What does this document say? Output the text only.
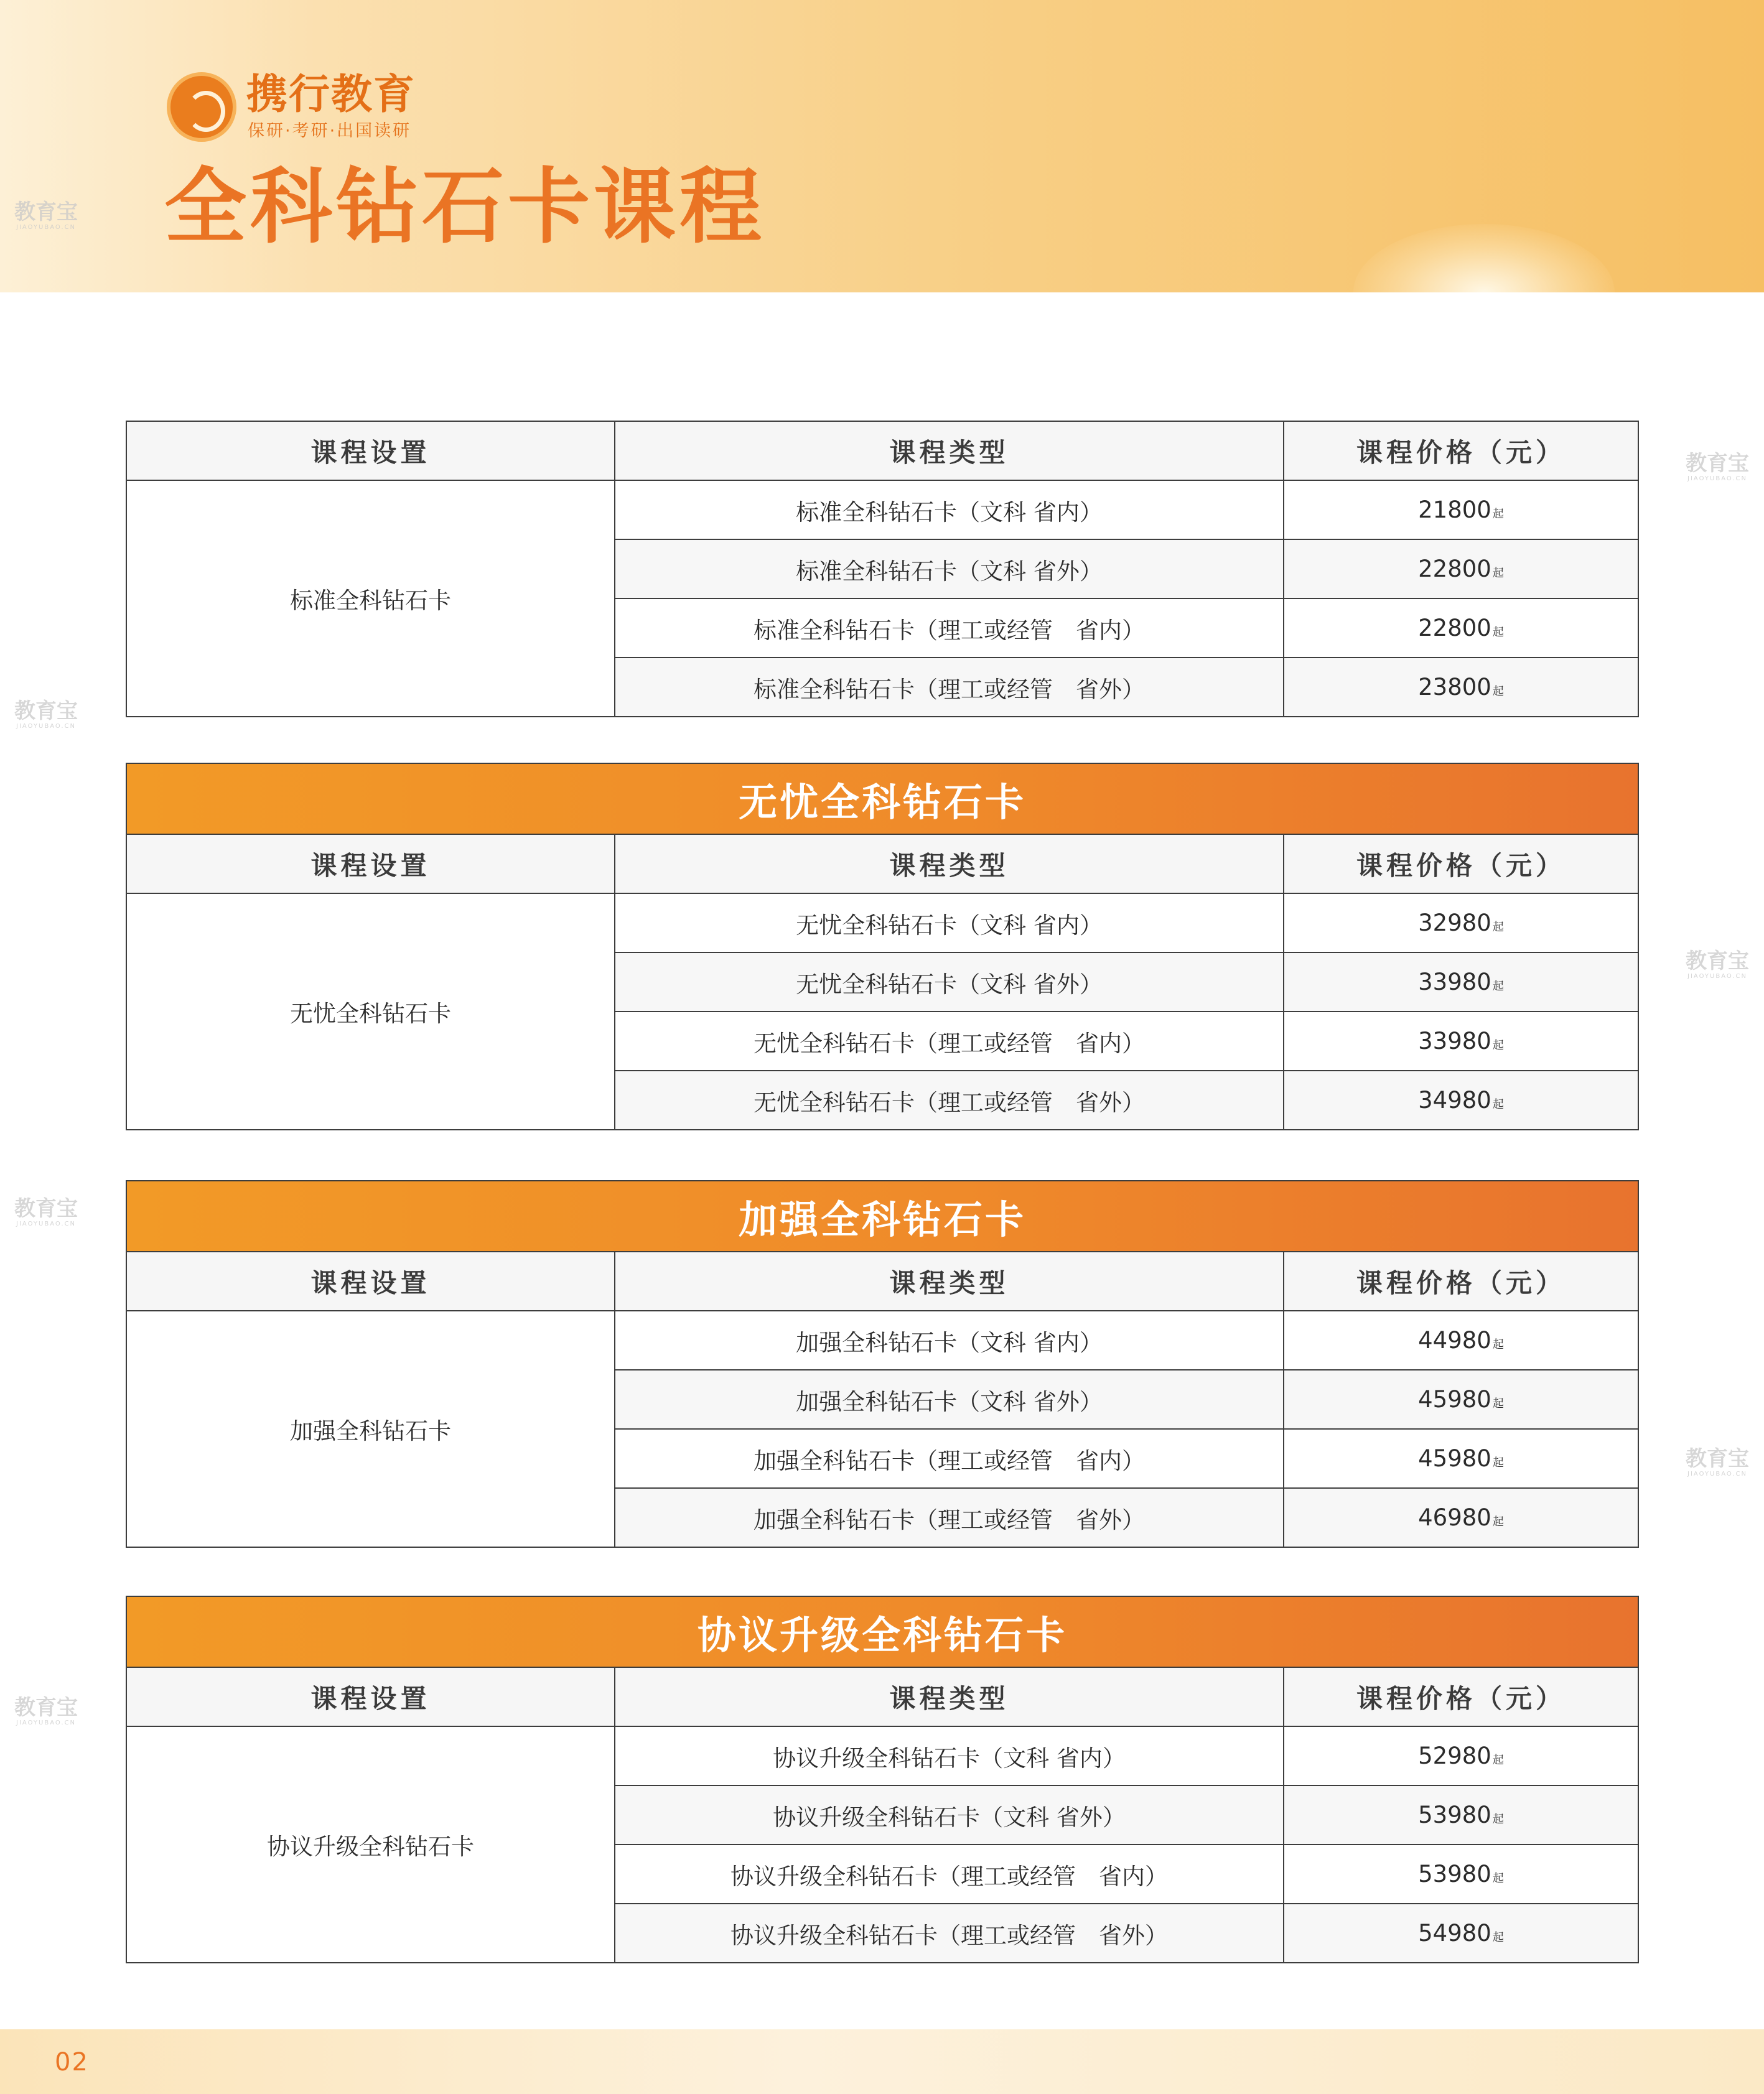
携行教育
保研·考研·出国读研
全科钻石卡课程
教育宝
JIAOYUBAO.CN
教育宝
JIAOYUBAO.CN
教育宝
JIAOYUBAO.CN
教育宝
JIAOYUBAO.CN
教育宝
JIAOYUBAO.CN
教育宝
JIAOYUBAO.CN
教育宝
JIAOYUBAO.CN
课程设置	课程类型	课程价格（元）
标准全科钻石卡	标准全科钻石卡（文科 省内）	21800 起
	标准全科钻石卡（文科 省外）	22800 起
	标准全科钻石卡（理工或经管　省内）	22800 起
	标准全科钻石卡（理工或经管　省外）	23800 起
无忧全科钻石卡		
课程设置	课程类型	课程价格（元）
无忧全科钻石卡	无忧全科钻石卡（文科 省内）	32980 起
	无忧全科钻石卡（文科 省外）	33980 起
	无忧全科钻石卡（理工或经管　省内）	33980 起
	无忧全科钻石卡（理工或经管　省外）	34980 起
加强全科钻石卡		
课程设置	课程类型	课程价格（元）
加强全科钻石卡	加强全科钻石卡（文科 省内）	44980 起
	加强全科钻石卡（文科 省外）	45980 起
	加强全科钻石卡（理工或经管　省内）	45980 起
	加强全科钻石卡（理工或经管　省外）	46980 起
协议升级全科钻石卡		
课程设置	课程类型	课程价格（元）
协议升级全科钻石卡	协议升级全科钻石卡（文科 省内）	52980 起
	协议升级全科钻石卡（文科 省外）	53980 起
	协议升级全科钻石卡（理工或经管　省内）	53980 起
	协议升级全科钻石卡（理工或经管　省外）	54980 起
02
